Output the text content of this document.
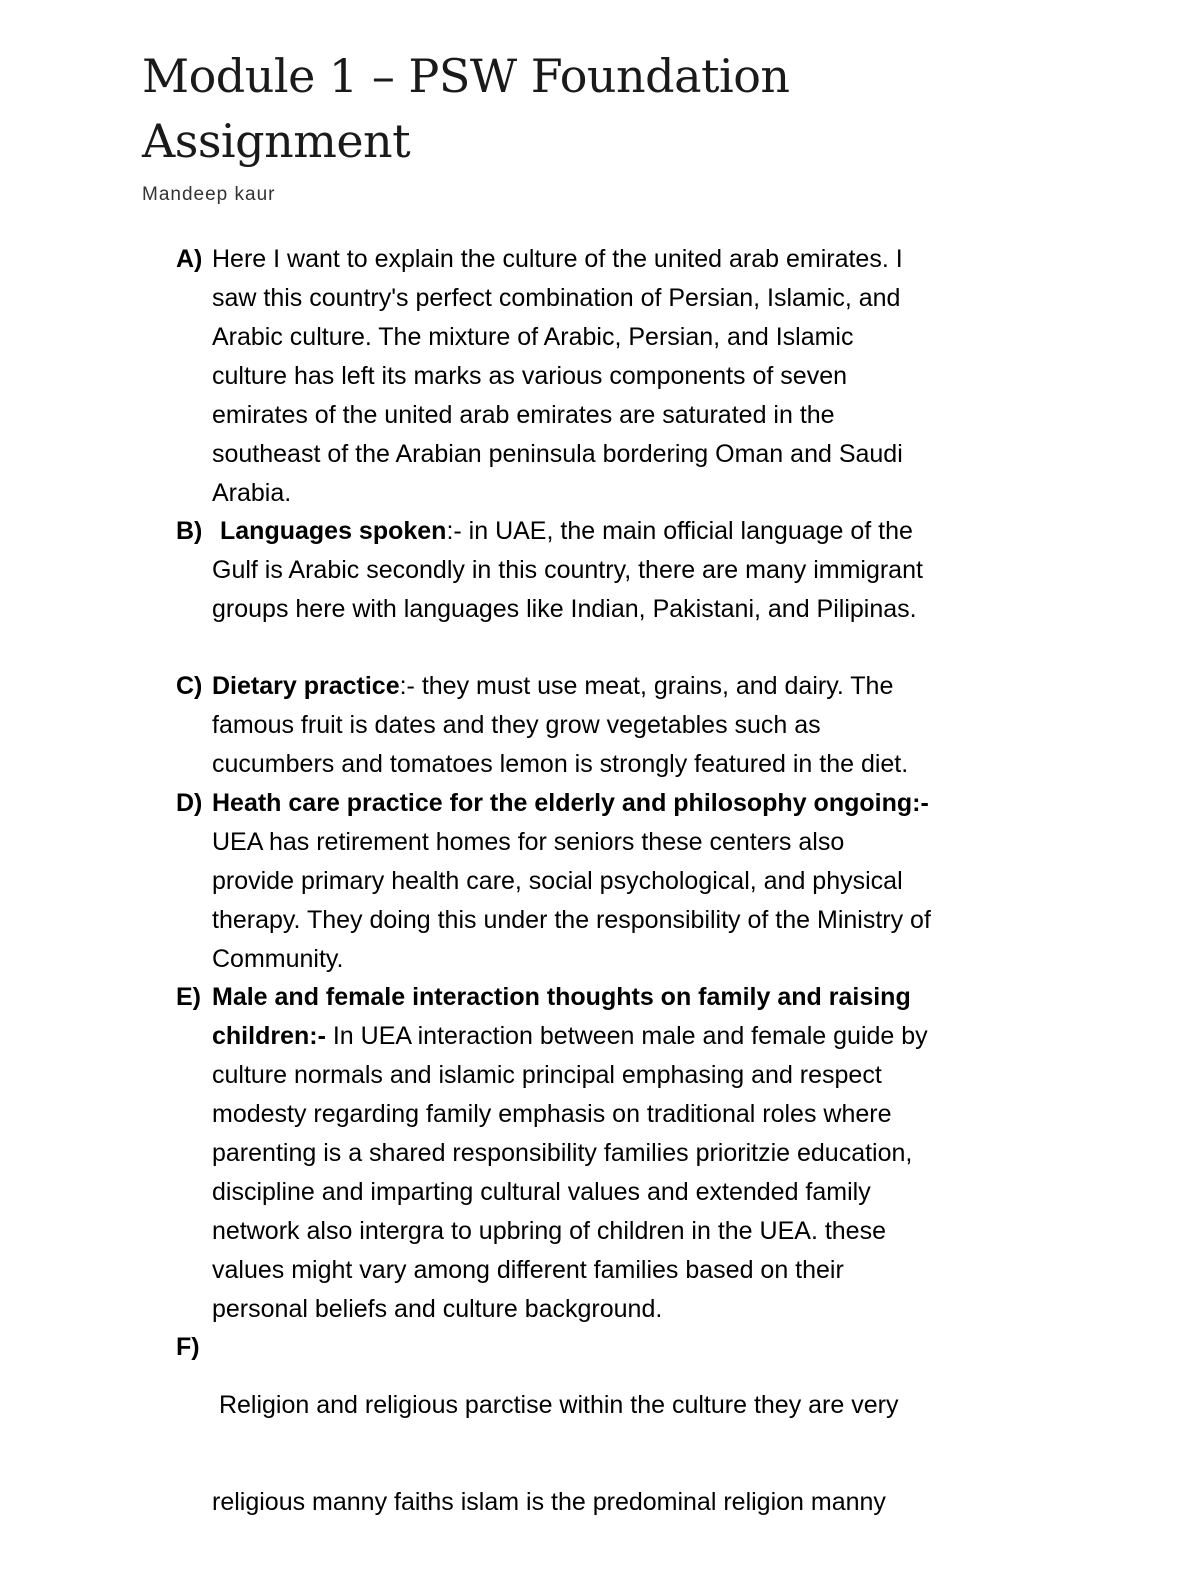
Module 1 – PSW Foundation
Assignment
Mandeep kaur
A) Here I want to explain the culture of the united arab emirates. I
saw this country's perfect combination of Persian, Islamic, and
Arabic culture. The mixture of Arabic, Persian, and Islamic
culture has left its marks as various components of seven
emirates of the united arab emirates are saturated in the
southeast of the Arabian peninsula bordering Oman and Saudi
Arabia.
B) Languages spoken:- in UAE, the main official language of the
Gulf is Arabic secondly in this country, there are many immigrant
groups here with languages like Indian, Pakistani, and Pilipinas.
C) Dietary practice:- they must use meat, grains, and dairy. The
famous fruit is dates and they grow vegetables such as
cucumbers and tomatoes lemon is strongly featured in the diet.
D) Heath care practice for the elderly and philosophy ongoing:-
UEA has retirement homes for seniors these centers also
provide primary health care, social psychological, and physical
therapy. They doing this under the responsibility of the Ministry of
Community.
E) Male and female interaction thoughts on family and raising
children:- In UEA interaction between male and female guide by
culture normals and islamic principal emphasing and respect
modesty regarding family emphasis on traditional roles where
parenting is a shared responsibility families prioritzie education,
discipline and imparting cultural values and extended family
network also intergra to upbring of children in the UEA. these
values might vary among different families based on their
personal beliefs and culture background.
F)

Religion and religious parctise within the culture they are very

religious manny faiths islam is the predominal religion manny
